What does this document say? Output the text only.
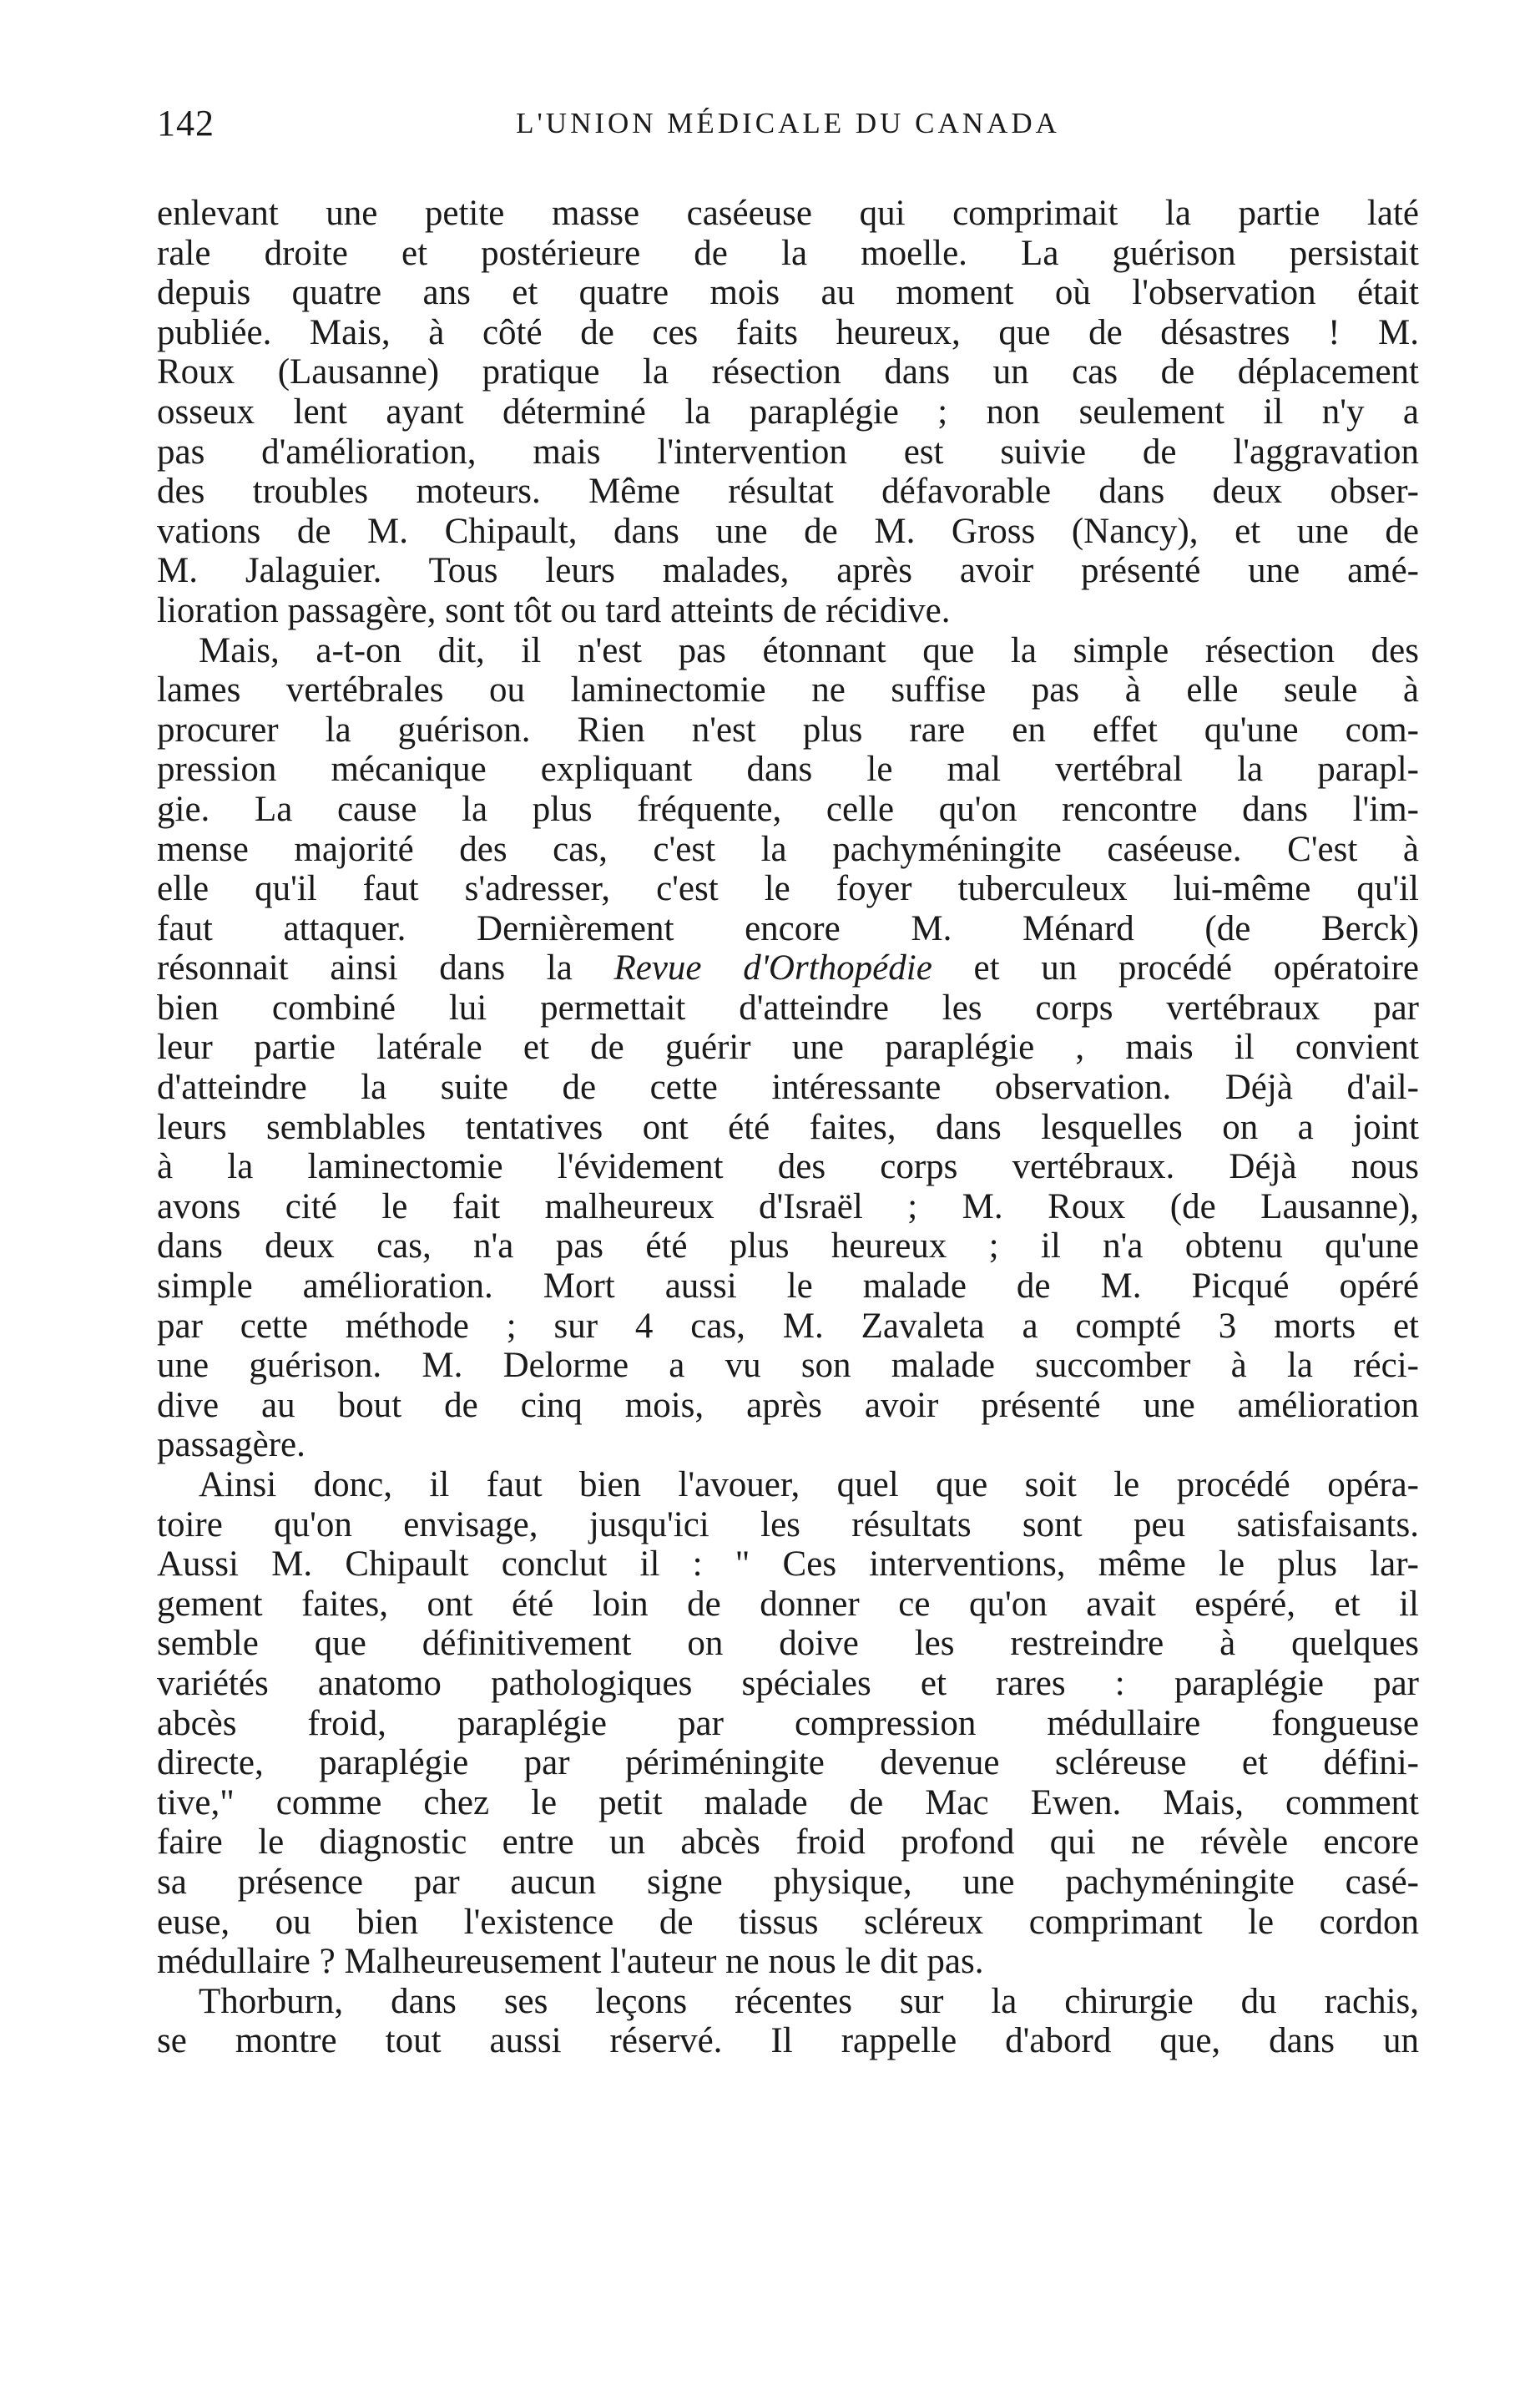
142	L'UNION MÉDICALE DU CANADA
enlevant une petite masse caséeuse qui comprimait la partie laté
rale droite et postérieure de la moelle. La guérison persistait
depuis quatre ans et quatre mois au moment où l'observation était
publiée. Mais, à côté de ces faits heureux, que de désastres ! M.
Roux (Lausanne) pratique la résection dans un cas de déplacement
osseux lent ayant déterminé la paraplégie ; non seulement il n'y a
pas d'amélioration, mais l'intervention est suivie de l'aggravation
des troubles moteurs. Même résultat défavorable dans deux obser-
vations de M. Chipault, dans une de M. Gross (Nancy), et une de
M. Jalaguier. Tous leurs malades, après avoir présenté une amé-
lioration passagère, sont tôt ou tard atteints de récidive.
Mais, a-t-on dit, il n'est pas étonnant que la simple résection des
lames vertébrales ou laminectomie ne suffise pas à elle seule à
procurer la guérison. Rien n'est plus rare en effet qu'une com-
pression mécanique expliquant dans le mal vertébral la parapl-
gie. La cause la plus fréquente, celle qu'on rencontre dans l'im-
mense majorité des cas, c'est la pachyméningite caséeuse. C'est à
elle qu'il faut s'adresser, c'est le foyer tuberculeux lui-même qu'il
faut attaquer. Dernièrement encore M. Ménard (de Berck)
résonnait ainsi dans la Revue d'Orthopédie et un procédé opératoire
bien combiné lui permettait d'atteindre les corps vertébraux par
leur partie latérale et de guérir une paraplégie , mais il convient
d'atteindre la suite de cette intéressante observation. Déjà d'ail-
leurs semblables tentatives ont été faites, dans lesquelles on a joint
à la laminectomie l'évidement des corps vertébraux. Déjà nous
avons cité le fait malheureux d'Israël ; M. Roux (de Lausanne),
dans deux cas, n'a pas été plus heureux ; il n'a obtenu qu'une
simple amélioration. Mort aussi le malade de M. Picqué opéré
par cette méthode ; sur 4 cas, M. Zavaleta a compté 3 morts et
une guérison. M. Delorme a vu son malade succomber à la réci-
dive au bout de cinq mois, après avoir présenté une amélioration
passagère.
Ainsi donc, il faut bien l'avouer, quel que soit le procédé opéra-
toire qu'on envisage, jusqu'ici les résultats sont peu satisfaisants.
Aussi M. Chipault conclut il : " Ces interventions, même le plus lar-
gement faites, ont été loin de donner ce qu'on avait espéré, et il
semble que définitivement on doive les restreindre à quelques
variétés anatomo pathologiques spéciales et rares : paraplégie par
abcès froid, paraplégie par compression médullaire fongueuse
directe, paraplégie par périméningite devenue scléreuse et défini-
tive," comme chez le petit malade de Mac Ewen. Mais, comment
faire le diagnostic entre un abcès froid profond qui ne révèle encore
sa présence par aucun signe physique, une pachyméningite casé-
euse, ou bien l'existence de tissus scléreux comprimant le cordon
médullaire ? Malheureusement l'auteur ne nous le dit pas.
Thorburn, dans ses leçons récentes sur la chirurgie du rachis,
se montre tout aussi réservé. Il rappelle d'abord que, dans un
